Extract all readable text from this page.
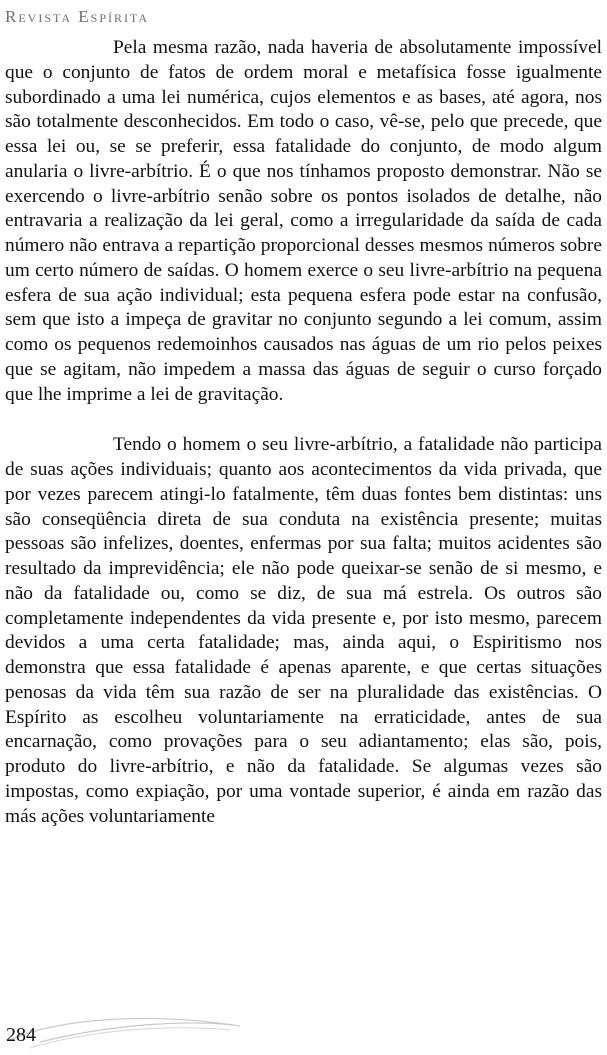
Revista Espírita

Pela mesma razão, nada haveria de absolutamente impossível que o conjunto de fatos de ordem moral e metafísica fosse igualmente subordinado a uma lei numérica, cujos elementos e as bases, até agora, nos são totalmente desconhecidos. Em todo o caso, vê-se, pelo que precede, que essa lei ou, se se preferir, essa fatalidade do conjunto, de modo algum anularia o livre-arbítrio. É o que nos tínhamos proposto demonstrar. Não se exercendo o livre-arbítrio senão sobre os pontos isolados de detalhe, não entravaria a realização da lei geral, como a irregularidade da saída de cada número não entrava a repartição proporcional desses mesmos números sobre um certo número de saídas. O homem exerce o seu livre-arbítrio na pequena esfera de sua ação individual; esta pequena esfera pode estar na confusão, sem que isto a impeça de gravitar no conjunto segundo a lei comum, assim como os pequenos redemoinhos causados nas águas de um rio pelos peixes que se agitam, não impedem a massa das águas de seguir o curso forçado que lhe imprime a lei de gravitação.

Tendo o homem o seu livre-arbítrio, a fatalidade não participa de suas ações individuais; quanto aos acontecimentos da vida privada, que por vezes parecem atingi-lo fatalmente, têm duas fontes bem distintas: uns são conseqüência direta de sua conduta na existência presente; muitas pessoas são infelizes, doentes, enfermas por sua falta; muitos acidentes são resultado da imprevidência; ele não pode queixar-se senão de si mesmo, e não da fatalidade ou, como se diz, de sua má estrela. Os outros são completamente independentes da vida presente e, por isto mesmo, parecem devidos a uma certa fatalidade; mas, ainda aqui, o Espiritismo nos demonstra que essa fatalidade é apenas aparente, e que certas situações penosas da vida têm sua razão de ser na pluralidade das existências. O Espírito as escolheu voluntariamente na erraticidade, antes de sua encarnação, como provações para o seu adiantamento; elas são, pois, produto do livre-arbítrio, e não da fatalidade. Se algumas vezes são impostas, como expiação, por uma vontade superior, é ainda em razão das más ações voluntariamente

284
